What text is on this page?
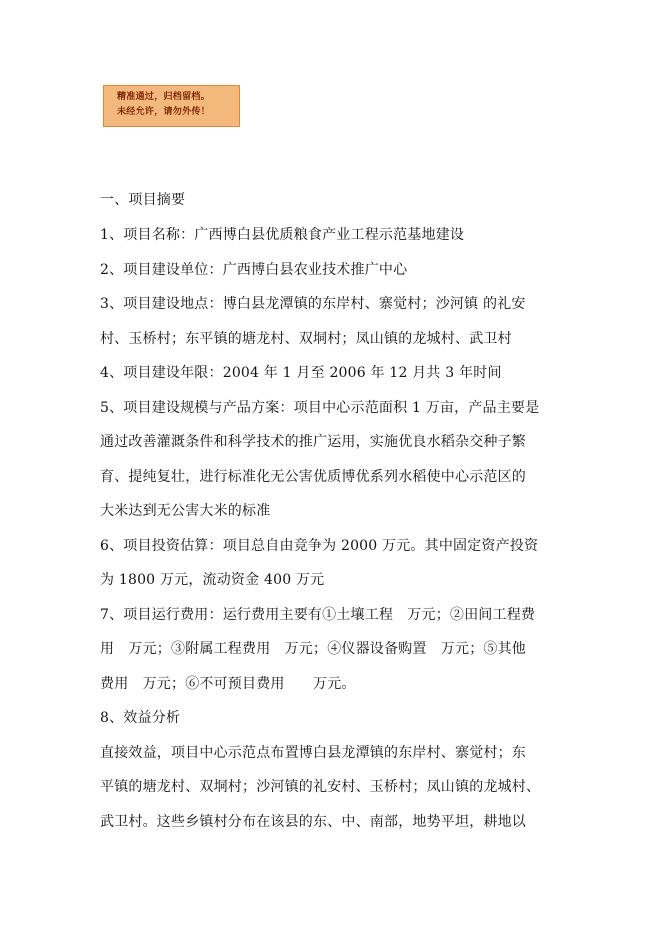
精准通过，归档留档。
未经允许，请勿外传！
一、项目摘要
1、项目名称：广西博白县优质粮食产业工程示范基地建设
2、项目建设单位：广西博白县农业技术推广中心
3、项目建设地点：博白县龙潭镇的东岸村、寨觉村；沙河镇 的礼安
村、玉桥村；东平镇的塘龙村、双垌村；凤山镇的龙城村、武卫村
4、项目建设年限：2004 年 1 月至 2006 年 12 月共 3 年时间
5、项目建设规模与产品方案：项目中心示范面积 1 万亩，产品主要是
通过改善灌溉条件和科学技术的推广运用，实施优良水稻杂交种子繁
育、提纯复壮，进行标准化无公害优质博优系列水稻使中心示范区的
大米达到无公害大米的标准
6、项目投资估算：项目总自由竞争为 2000 万元。其中固定资产投资
为 1800 万元，流动资金 400 万元
7、项目运行费用：运行费用主要有①土壤工程　万元；②田间工程费
用　万元；③附属工程费用　万元；④仪器设备购置　万元；⑤其他
费用　万元；⑥不可预目费用　　万元。
8、效益分析
直接效益，项目中心示范点布置博白县龙潭镇的东岸村、寨觉村；东
平镇的塘龙村、双垌村；沙河镇的礼安村、玉桥村；凤山镇的龙城村、
武卫村。这些乡镇村分布在该县的东、中、南部，地势平坦，耕地以
